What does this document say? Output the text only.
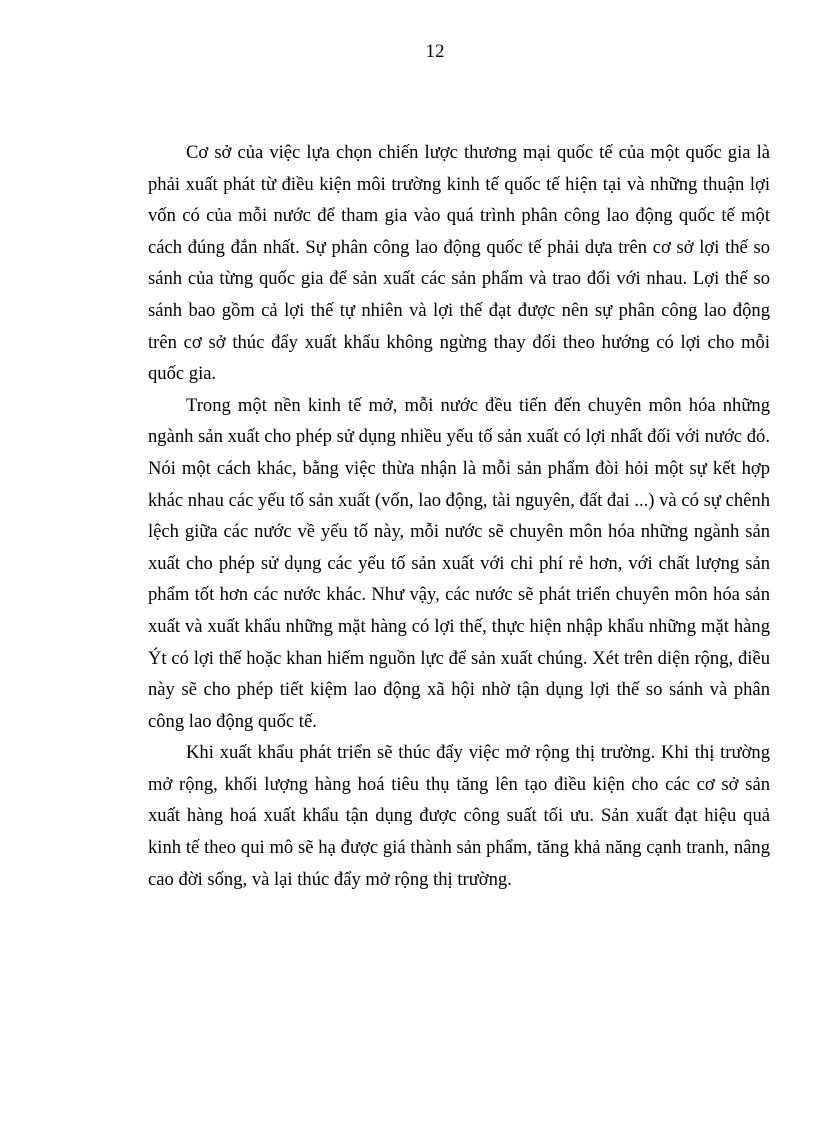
12

Cơ sở của việc lựa chọn chiến lược thương mại quốc tế của một quốc gia là phải xuất phát từ điều kiện môi trường kinh tế quốc tế hiện tại và những thuận lợi vốn có của mỗi nước để tham gia vào quá trình phân công lao động quốc tế một cách đúng đắn nhất. Sự phân công lao động quốc tế phải dựa trên cơ sở lợi thế so sánh của từng quốc gia để sản xuất các sản phẩm và trao đổi với nhau. Lợi thế so sánh bao gồm cả lợi thế tự nhiên và lợi thế đạt được nên sự phân công lao động trên cơ sở thúc đẩy xuất khẩu không ngừng thay đổi theo hướng có lợi cho mỗi quốc gia.

Trong một nền kinh tế mở, mỗi nước đều tiến đến chuyên môn hóa những ngành sản xuất cho phép sử dụng nhiều yếu tố sản xuất có lợi nhất đối với nước đó. Nói một cách khác, bằng việc thừa nhận là mỗi sản phẩm đòi hỏi một sự kết hợp khác nhau các yếu tố sản xuất (vốn, lao động, tài nguyên, đất đai ...) và có sự chênh lệch giữa các nước về yếu tố này, mỗi nước sẽ chuyên môn hóa những ngành sản xuất cho phép sử dụng các yếu tố sản xuất với chi phí rẻ hơn, với chất lượng sản phẩm tốt hơn các nước khác. Như vậy, các nước sẽ phát triển chuyên môn hóa sản xuất và xuất khẩu những mặt hàng có lợi thế, thực hiện nhập khẩu những mặt hàng Ýt có lợi thế hoặc khan hiếm nguồn lực để sản xuất chúng. Xét trên diện rộng, điều này sẽ cho phép tiết kiệm lao động xã hội nhờ tận dụng lợi thế so sánh và phân công lao động quốc tế.

Khi xuất khẩu phát triển sẽ thúc đẩy việc mở rộng thị trường. Khi thị trường mở rộng, khối lượng hàng hoá tiêu thụ tăng lên tạo điều kiện cho các cơ sở sản xuất hàng hoá xuất khẩu tận dụng được công suất tối ưu. Sản xuất đạt hiệu quả kinh tế theo qui mô sẽ hạ được giá thành sản phẩm, tăng khả năng cạnh tranh, nâng cao đời sống, và lại thúc đẩy mở rộng thị trường.
